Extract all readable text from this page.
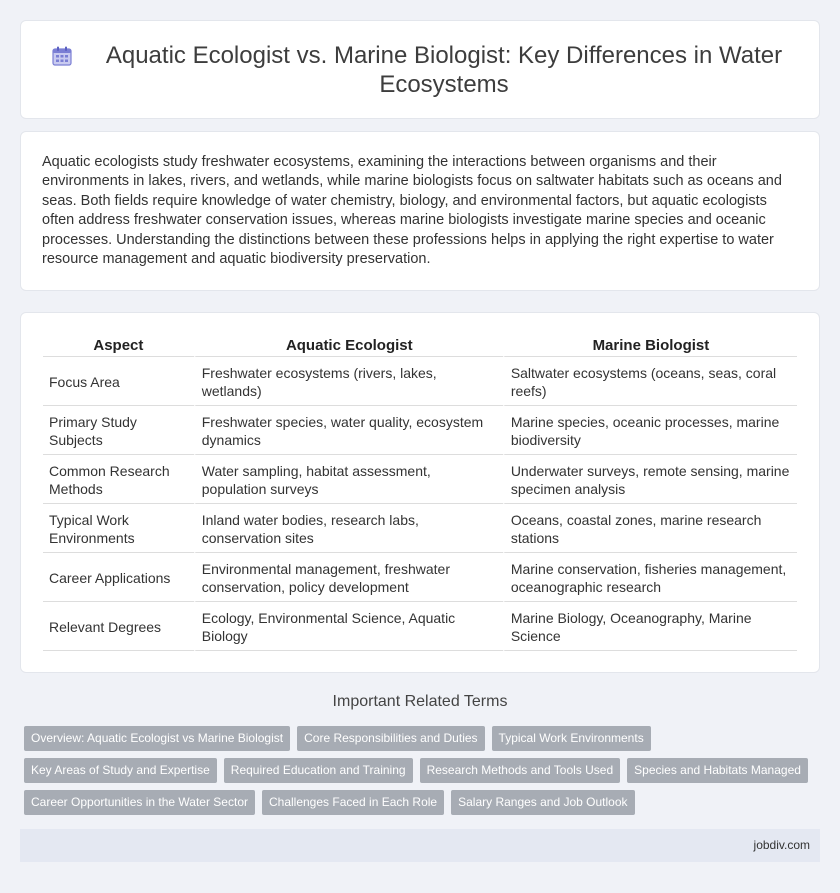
Aquatic Ecologist vs. Marine Biologist: Key Differences in Water Ecosystems

Aquatic ecologists study freshwater ecosystems, examining the interactions between organisms and their environments in lakes, rivers, and wetlands, while marine biologists focus on saltwater habitats such as oceans and seas. Both fields require knowledge of water chemistry, biology, and environmental factors, but aquatic ecologists often address freshwater conservation issues, whereas marine biologists investigate marine species and oceanic processes. Understanding the distinctions between these professions helps in applying the right expertise to water resource management and aquatic biodiversity preservation.

Aspect	Aquatic Ecologist	Marine Biologist
Focus Area	Freshwater ecosystems (rivers, lakes, wetlands)	Saltwater ecosystems (oceans, seas, coral reefs)
Primary Study Subjects	Freshwater species, water quality, ecosystem dynamics	Marine species, oceanic processes, marine biodiversity
Common Research Methods	Water sampling, habitat assessment, population surveys	Underwater surveys, remote sensing, marine specimen analysis
Typical Work Environments	Inland water bodies, research labs, conservation sites	Oceans, coastal zones, marine research stations
Career Applications	Environmental management, freshwater conservation, policy development	Marine conservation, fisheries management, oceanographic research
Relevant Degrees	Ecology, Environmental Science, Aquatic Biology	Marine Biology, Oceanography, Marine Science
Important Related Terms
Overview: Aquatic Ecologist vs Marine Biologist	Core Responsibilities and Duties	Typical Work Environments
Key Areas of Study and Expertise	Required Education and Training	Research Methods and Tools Used	Species and Habitats Managed
Career Opportunities in the Water Sector	Challenges Faced in Each Role	Salary Ranges and Job Outlook
jobdiv.com
